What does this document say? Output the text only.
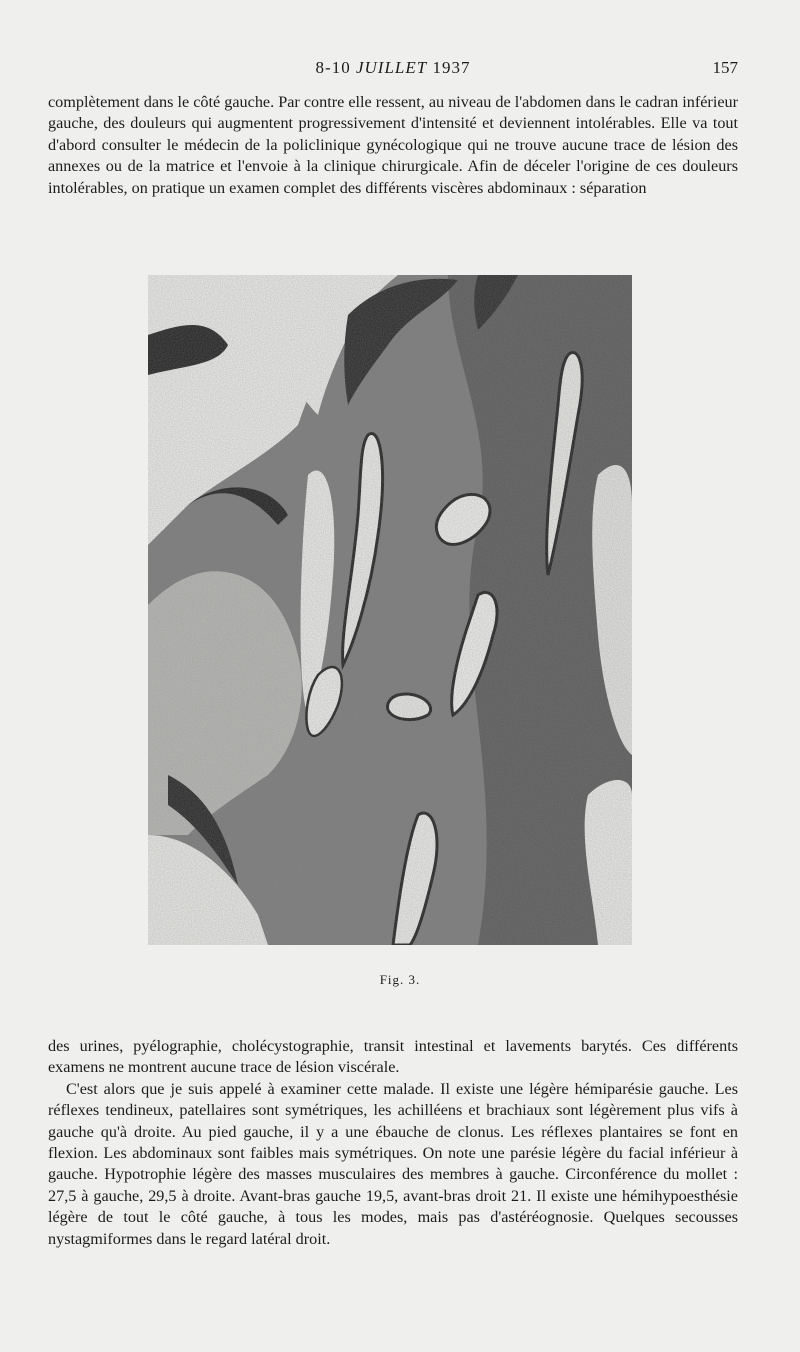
8-10 JUILLET 1937	157

complètement dans le côté gauche. Par contre elle ressent, au niveau de l'abdomen dans le cadran inférieur gauche, des douleurs qui augmentent progressivement d'intensité et deviennent intolérables. Elle va tout d'abord consulter le médecin de la policlinique gynécologique qui ne trouve aucune trace de lésion des annexes ou de la matrice et l'envoie à la clinique chirurgicale. Afin de déceler l'origine de ces douleurs intolérables, on pratique un examen complet des différents viscères abdominaux : séparation

Fig. 3.

des urines, pyélographie, cholécystographie, transit intestinal et lavements barytés. Ces différents examens ne montrent aucune trace de lésion viscérale.

C'est alors que je suis appelé à examiner cette malade. Il existe une légère hémiparésie gauche. Les réflexes tendineux, patellaires sont symétriques, les achilléens et brachiaux sont légèrement plus vifs à gauche qu'à droite. Au pied gauche, il y a une ébauche de clonus. Les réflexes plantaires se font en flexion. Les abdominaux sont faibles mais symétriques. On note une parésie légère du facial inférieur à gauche. Hypotrophie légère des masses musculaires des membres à gauche. Circonférence du mollet : 27,5 à gauche, 29,5 à droite. Avant-bras gauche 19,5, avant-bras droit 21. Il existe une hémihypoesthésie légère de tout le côté gauche, à tous les modes, mais pas d'astéréognosie. Quelques secousses nystagmiformes dans le regard latéral droit.
